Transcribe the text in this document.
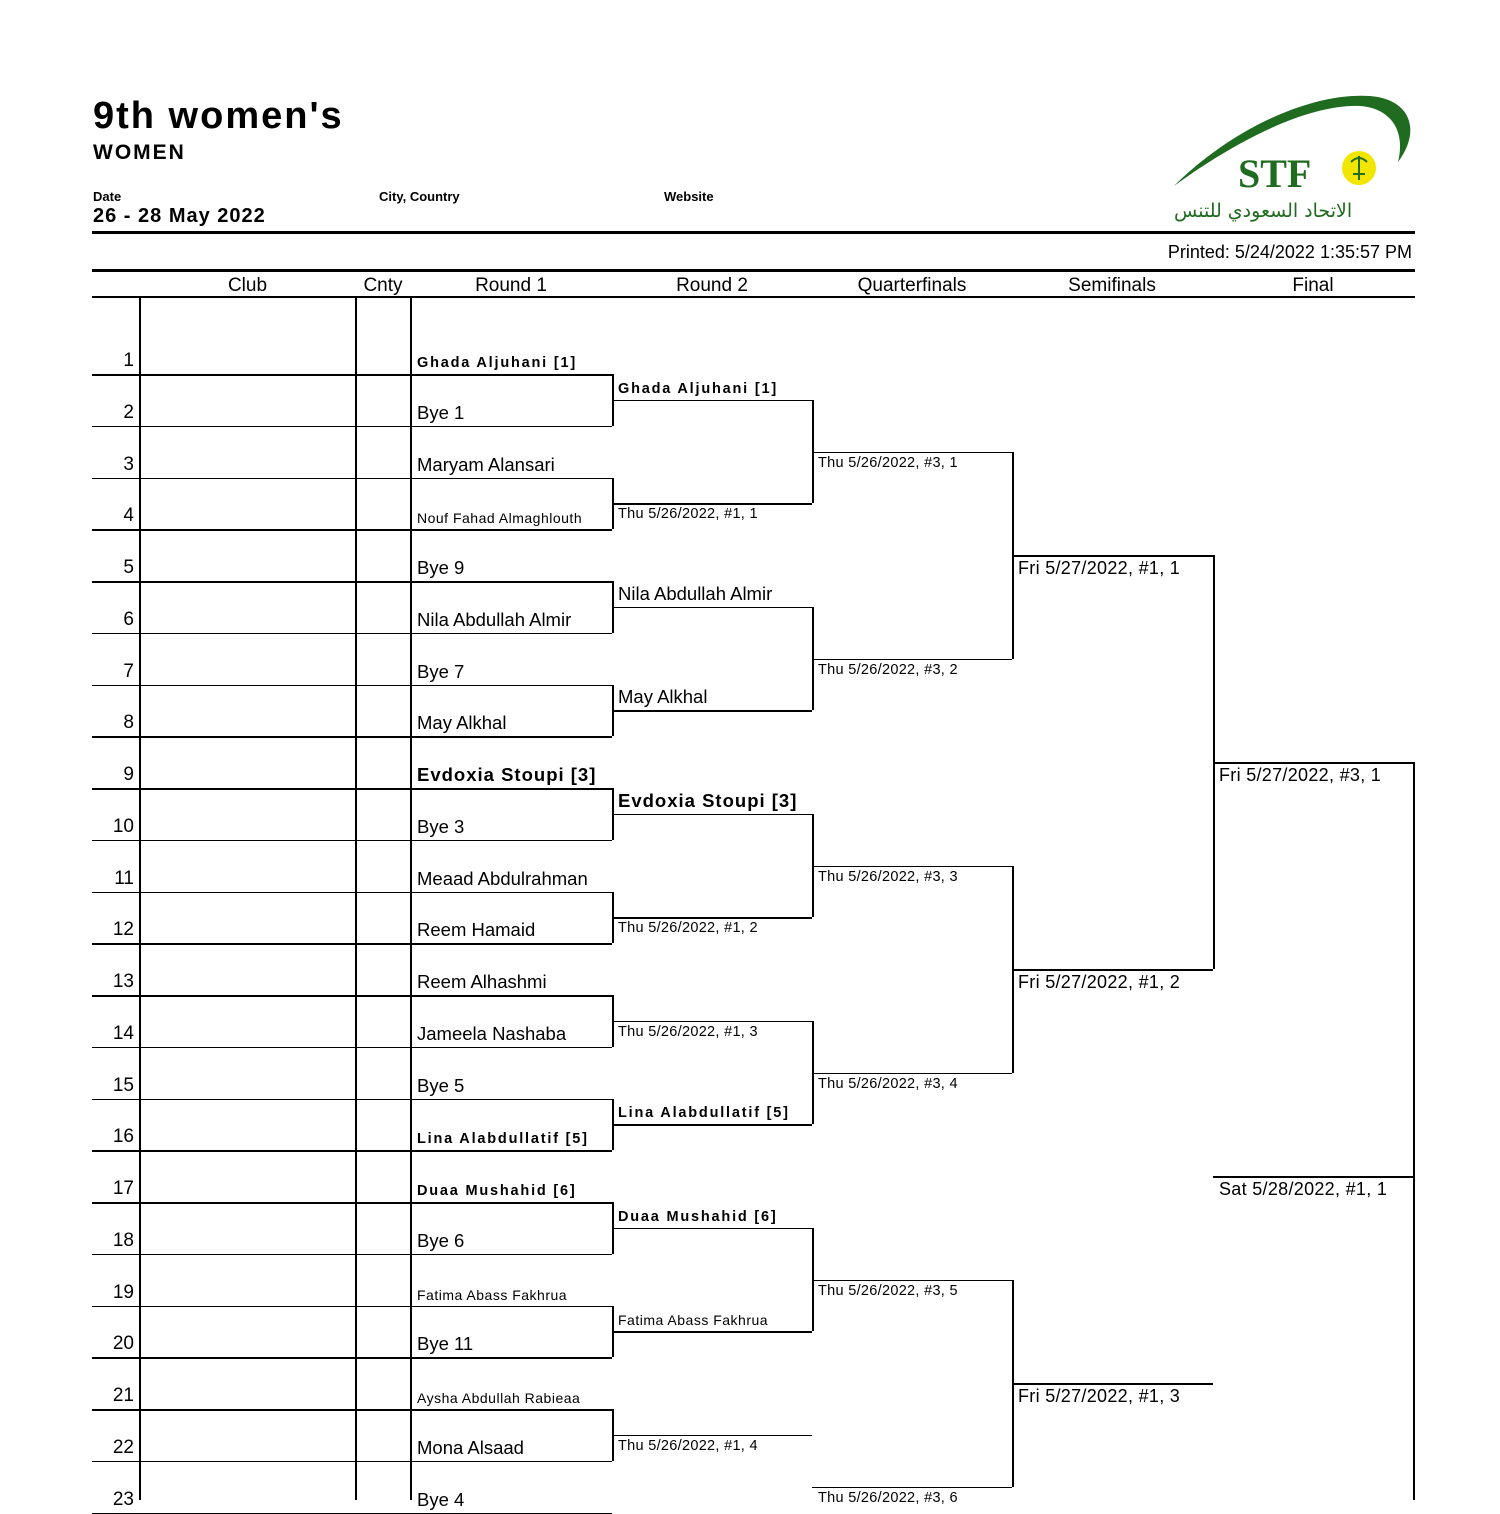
9th women's
WOMEN
Date
26 - 28 May 2022
City, Country	Website
STF
الاتحاد السعودي للتنس
Printed: 5/24/2022 1:35:57 PM
Club	Cnty	Round 1	Round 2	Quarterfinals	Semifinals	Final
1	Ghada Aljuhani [1]
2	Bye 1
3	Maryam Alansari
4	Nouf Fahad Almaghlouth
5	Bye 9
6	Nila Abdullah Almir
7	Bye 7
8	May Alkhal
9	Evdoxia Stoupi [3]
10	Bye 3
11	Meaad Abdulrahman
12	Reem Hamaid
13	Reem Alhashmi
14	Jameela Nashaba
15	Bye 5
16	Lina Alabdullatif [5]
17	Duaa Mushahid [6]
18	Bye 6
19	Fatima Abass Fakhrua
20	Bye 11
21	Aysha Abdullah Rabieaa
22	Mona Alsaad
23	Bye 4
Ghada Aljuhani [1]
Thu 5/26/2022, #1, 1
Nila Abdullah Almir
May Alkhal
Evdoxia Stoupi [3]
Thu 5/26/2022, #1, 2
Thu 5/26/2022, #1, 3
Lina Alabdullatif [5]
Duaa Mushahid [6]
Fatima Abass Fakhrua
Thu 5/26/2022, #1, 4
Thu 5/26/2022, #3, 1
Thu 5/26/2022, #3, 2
Thu 5/26/2022, #3, 3
Thu 5/26/2022, #3, 4
Thu 5/26/2022, #3, 5
Thu 5/26/2022, #3, 6
Fri 5/27/2022, #1, 1
Fri 5/27/2022, #1, 2
Fri 5/27/2022, #1, 3
Fri 5/27/2022, #3, 1
Sat 5/28/2022, #1, 1
